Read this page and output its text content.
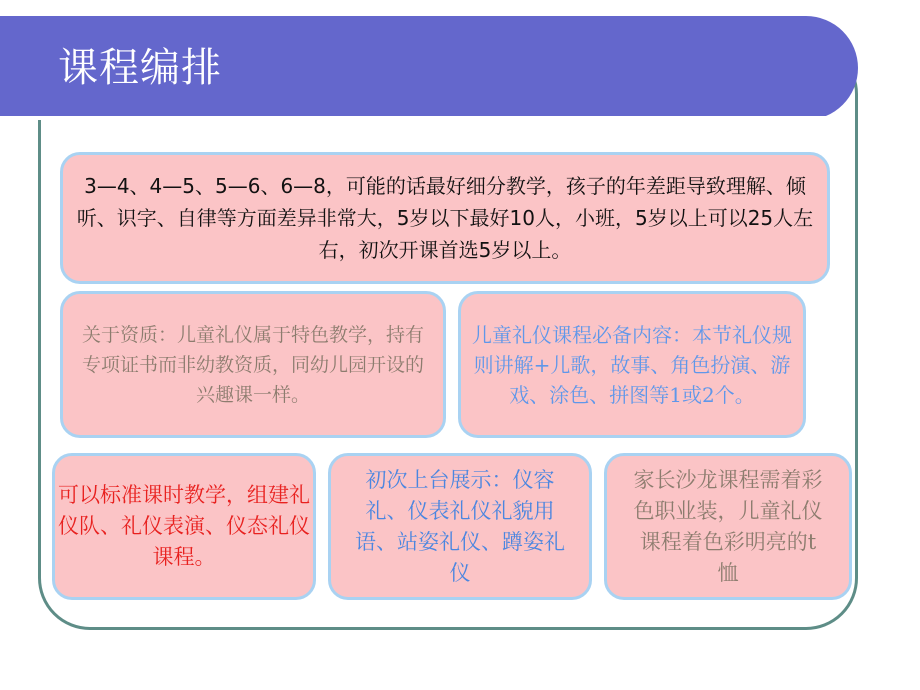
课程编排
3—4、4—5、5—6、6—8，可能的话最好细分教学，孩子的年差距导致理解、倾听、识字、自律等方面差异非常大，5岁以下最好10人，小班，5岁以上可以25人左右，初次开课首选5岁以上。
关于资质：儿童礼仪属于特色教学，持有专项证书而非幼教资质，同幼儿园开设的兴趣课一样。
儿童礼仪课程必备内容：本节礼仪规则讲解+儿歌，故事、角色扮演、游戏、涂色、拼图等1或2个。
可以标准课时教学，组建礼仪队、礼仪表演、仪态礼仪课程。
初次上台展示：仪容礼、仪表礼仪礼貌用语、站姿礼仪、蹲姿礼仪
家长沙龙课程需着彩色职业装，儿童礼仪课程着色彩明亮的t恤
